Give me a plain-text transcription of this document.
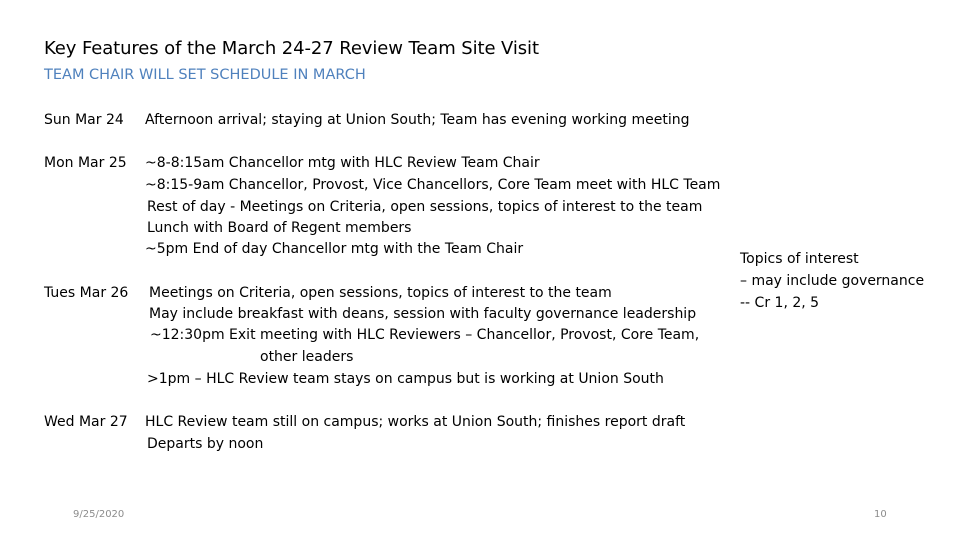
Key Features of the March 24-27 Review Team Site Visit
TEAM CHAIR WILL SET SCHEDULE IN MARCH
Sun Mar 24 Afternoon arrival; staying at Union South; Team has evening working meeting
Mon Mar 25 ~8-8:15am Chancellor mtg with HLC Review Team Chair
~8:15-9am Chancellor, Provost, Vice Chancellors, Core Team meet with HLC Team
Rest of day - Meetings on Criteria, open sessions, topics of interest to the team
Lunch with Board of Regent members
~5pm End of day Chancellor mtg with the Team Chair
Topics of interest
– may include governance
-- Cr 1, 2, 5
Tues Mar 26 Meetings on Criteria, open sessions, topics of interest to the team
May include breakfast with deans, session with faculty governance leadership
~12:30pm Exit meeting with HLC Reviewers – Chancellor, Provost, Core Team,
other leaders
>1pm – HLC Review team stays on campus but is working at Union South
Wed Mar 27 HLC Review team still on campus; works at Union South; finishes report draft
Departs by noon
9/25/2020	10
